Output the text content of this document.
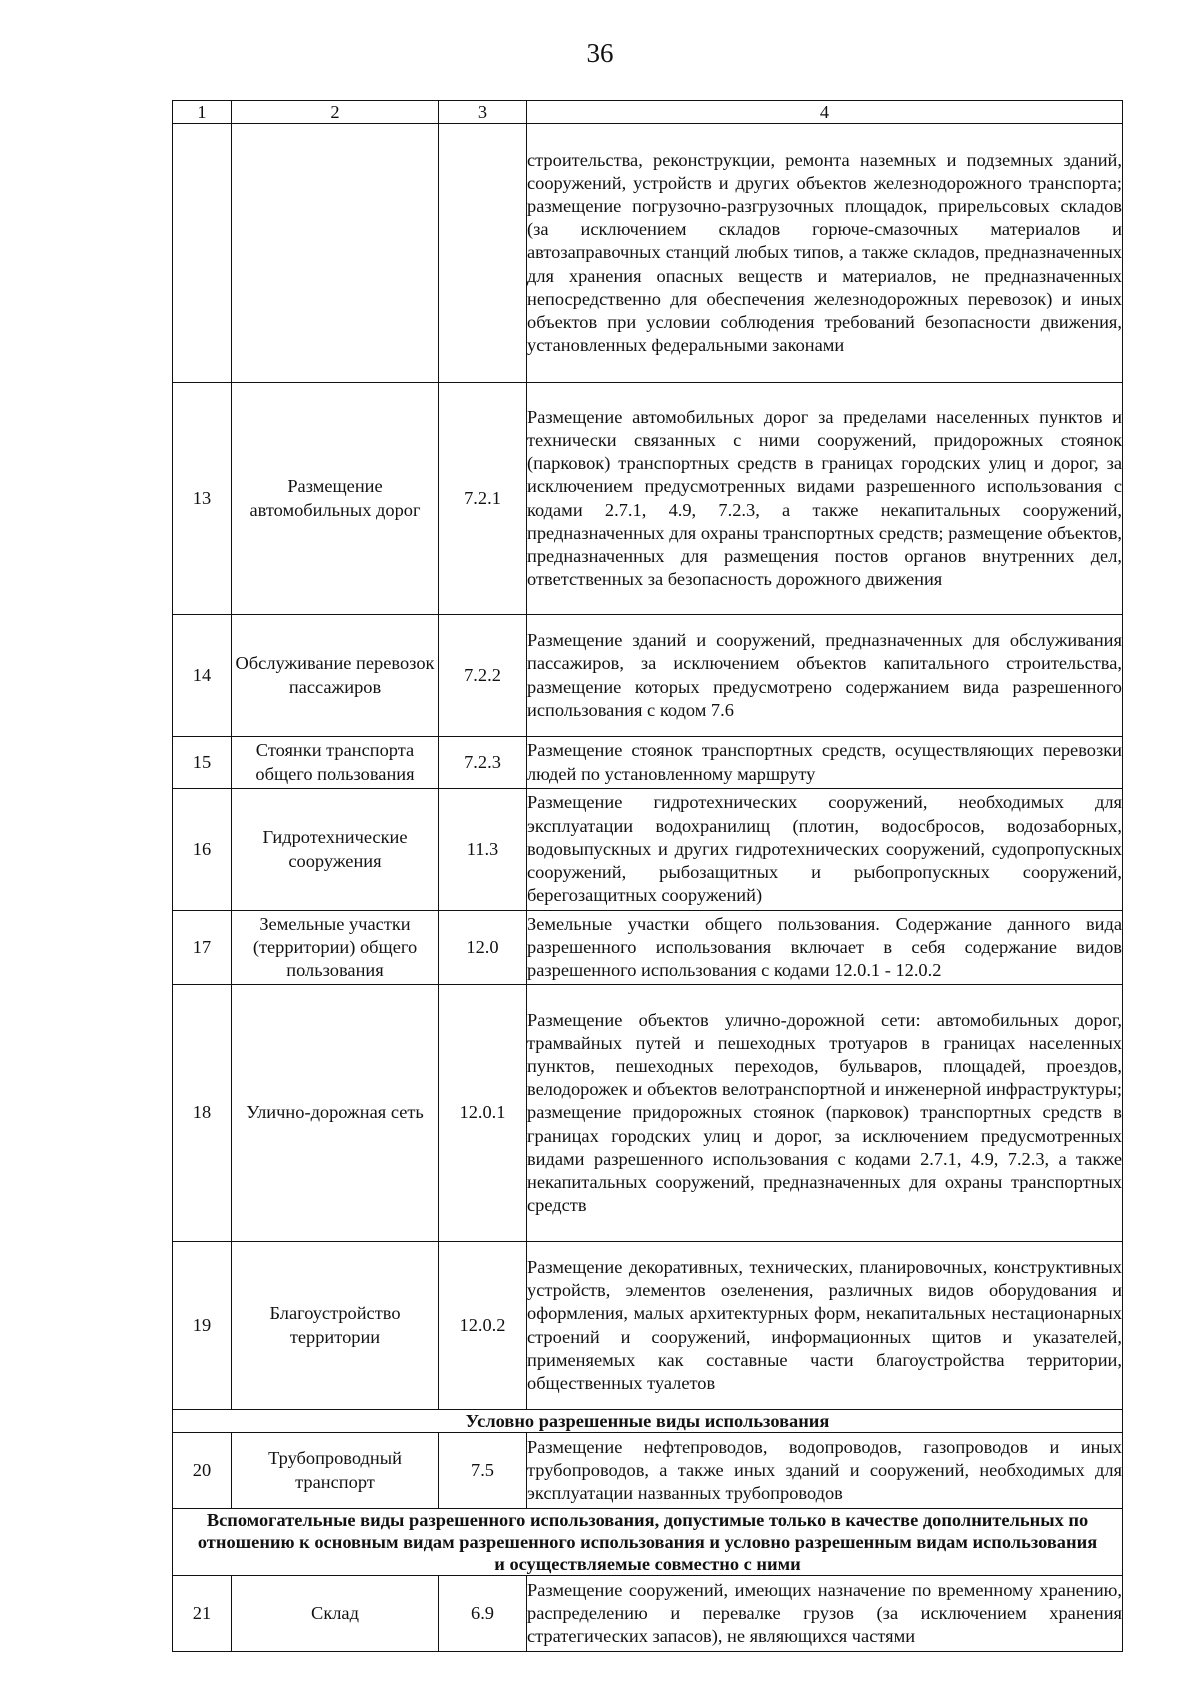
36
1	2	3	4
			строительства, реконструкции, ремонта наземных и подземных зданий, сооружений, устройств и других объектов железнодорожного транспорта; размещение погрузочно-разгрузочных площадок, прирельсовых складов (за исключением складов горюче-смазочных материалов и автозаправочных станций любых типов, а также складов, предназначенных для хранения опасных веществ и материалов, не предназначенных непосредственно для обеспечения железнодорожных перевозок) и иных объектов при условии соблюдения требований безопасности движения, установленных федеральными законами
13	Размещение автомобильных дорог	7.2.1	Размещение автомобильных дорог за пределами населенных пунктов и технически связанных с ними сооружений, придорожных стоянок (парковок) транспортных средств в границах городских улиц и дорог, за исключением предусмотренных видами разрешенного использования с кодами 2.7.1, 4.9, 7.2.3, а также некапитальных сооружений, предназначенных для охраны транспортных средств; размещение объектов, предназначенных для размещения постов органов внутренних дел, ответственных за безопасность дорожного движения
14	Обслуживание перевозок пассажиров	7.2.2	Размещение зданий и сооружений, предназначенных для обслуживания пассажиров, за исключением объектов капитального строительства, размещение которых предусмотрено содержанием вида разрешенного использования с кодом 7.6
15	Стоянки транспорта общего пользования	7.2.3	Размещение стоянок транспортных средств, осуществляющих перевозки людей по установленному маршруту
16	Гидротехнические сооружения	11.3	Размещение гидротехнических сооружений, необходимых для эксплуатации водохранилищ (плотин, водосбросов, водозаборных, водовыпускных и других гидротехнических сооружений, судопропускных сооружений, рыбозащитных и рыбопропускных сооружений, берегозащитных сооружений)
17	Земельные участки (территории) общего пользования	12.0	Земельные участки общего пользования. Содержание данного вида разрешенного использования включает в себя содержание видов разрешенного использования с кодами 12.0.1 - 12.0.2
18	Улично-дорожная сеть	12.0.1	Размещение объектов улично-дорожной сети: автомобильных дорог, трамвайных путей и пешеходных тротуаров в границах населенных пунктов, пешеходных переходов, бульваров, площадей, проездов, велодорожек и объектов велотранспортной и инженерной инфраструктуры; размещение придорожных стоянок (парковок) транспортных средств в границах городских улиц и дорог, за исключением предусмотренных видами разрешенного использования с кодами 2.7.1, 4.9, 7.2.3, а также некапитальных сооружений, предназначенных для охраны транспортных средств
19	Благоустройство территории	12.0.2	Размещение декоративных, технических, планировочных, конструктивных устройств, элементов озеленения, различных видов оборудования и оформления, малых архитектурных форм, некапитальных нестационарных строений и сооружений, информационных щитов и указателей, применяемых как составные части благоустройства территории, общественных туалетов
Условно разрешенные виды использования			
20	Трубопроводный транспорт	7.5	Размещение нефтепроводов, водопроводов, газопроводов и иных трубопроводов, а также иных зданий и сооружений, необходимых для эксплуатации названных трубопроводов
Вспомогательные виды разрешенного использования, допустимые только в качестве дополнительных по отношению к основным видам разрешенного использования и условно разрешенным видам использования и осуществляемые совместно с ними			
21	Склад	6.9	Размещение сооружений, имеющих назначение по временному хранению, распределению и перевалке грузов (за исключением хранения стратегических запасов), не являющихся частями
